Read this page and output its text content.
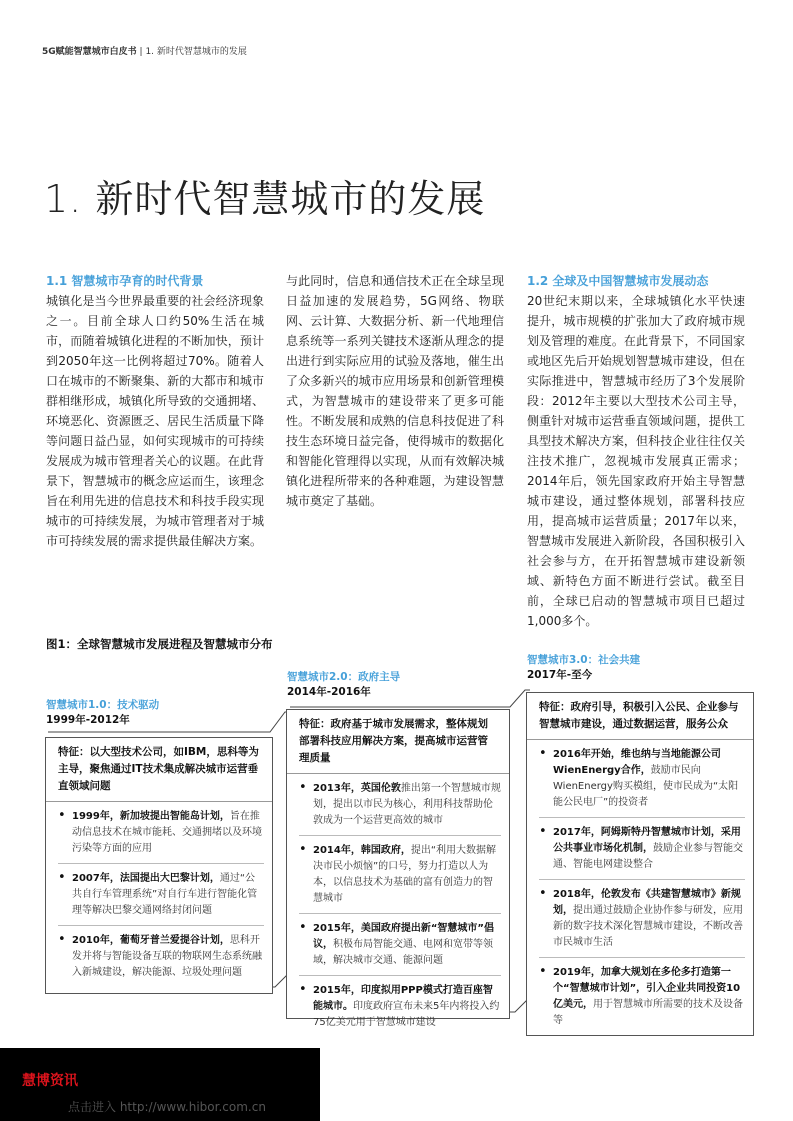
5G赋能智慧城市白皮书 | 1. 新时代智慧城市的发展
1. 新时代智慧城市的发展
1.1 智慧城市孕育的时代背景

城镇化是当今世界最重要的社会经济现象之一。目前全球人口约50%生活在城市，而随着城镇化进程的不断加快，预计到2050年这一比例将超过70%。随着人口在城市的不断聚集、新的大都市和城市群相继形成，城镇化所导致的交通拥堵、环境恶化、资源匮乏、居民生活质量下降等问题日益凸显，如何实现城市的可持续发展成为城市管理者关心的议题。在此背景下，智慧城市的概念应运而生，该理念旨在利用先进的信息技术和科技手段实现城市的可持续发展，为城市管理者对于城市可持续发展的需求提供最佳解决方案。

与此同时，信息和通信技术正在全球呈现日益加速的发展趋势，5G网络、物联网、云计算、大数据分析、新一代地理信息系统等一系列关键技术逐渐从理念的提出进行到实际应用的试验及落地，催生出了众多新兴的城市应用场景和创新管理模式，为智慧城市的建设带来了更多可能性。不断发展和成熟的信息科技促进了科技生态环境日益完备，使得城市的数据化和智能化管理得以实现，从而有效解决城镇化进程所带来的各种难题，为建设智慧城市奠定了基础。

1.2 全球及中国智慧城市发展动态

20世纪末期以来，全球城镇化水平快速提升，城市规模的扩张加大了政府城市规划及管理的难度。在此背景下，不同国家或地区先后开始规划智慧城市建设，但在实际推进中，智慧城市经历了3个发展阶段：2012年主要以大型技术公司主导，侧重针对城市运营垂直领域问题，提供工具型技术解决方案，但科技企业往往仅关注技术推广，忽视城市发展真正需求；2014年后，领先国家政府开始主导智慧城市建设，通过整体规划，部署科技应用，提高城市运营质量；2017年以来，智慧城市发展进入新阶段，各国积极引入社会参与方，在开拓智慧城市建设新领域、新特色方面不断进行尝试。截至目前，全球已启动的智慧城市项目已超过1,000多个。

图1：全球智慧城市发展进程及智慧城市分布
智慧城市1.0：技术驱动
1999年-2012年
智慧城市2.0：政府主导
2014年-2016年
智慧城市3.0：社会共建
2017年-至今
特征：以大型技术公司，如IBM，思科等为主导，聚焦通过IT技术集成解决城市运营垂直领域问题
• 1999年，新加坡提出智能岛计划，旨在推动信息技术在城市能耗、交通拥堵以及环境污染等方面的应用
• 2007年，法国提出大巴黎计划，通过“公共自行车管理系统”对自行车进行智能化管理等解决巴黎交通网络封闭问题
• 2010年，葡萄牙普兰爱提谷计划，思科开发并将与智能设备互联的物联网生态系统融入新城建设，解决能源、垃圾处理问题
特征：政府基于城市发展需求，整体规划部署科技应用解决方案，提高城市运营管理质量
• 2013年，英国伦敦推出第一个智慧城市规划，提出以市民为核心，利用科技帮助伦敦成为一个运营更高效的城市
• 2014年，韩国政府，提出“利用大数据解决市民小烦恼”的口号，努力打造以人为本，以信息技术为基础的富有创造力的智慧城市
• 2015年，美国政府提出新“智慧城市”倡议，积极布局智能交通、电网和宽带等领域，解决城市交通、能源问题
• 2015年，印度拟用PPP模式打造百座智能城市。印度政府宣布未来5年内将投入约75亿美元用于智慧城市建设
特征：政府引导，积极引入公民、企业参与智慧城市建设，通过数据运营，服务公众
• 2016年开始，维也纳与当地能源公司WienEnergy合作，鼓励市民向WienEnergy购买模组，使市民成为“太阳能公民电厂”的投资者
• 2017年，阿姆斯特丹智慧城市计划，采用公共事业市场化机制，鼓励企业参与智能交通、智能电网建设整合
• 2018年，伦敦发布《共建智慧城市》新规划，提出通过鼓励企业协作参与研发，应用新的数字技术深化智慧城市建设，不断改善市民城市生活
• 2019年，加拿大规划在多伦多打造第一个“智慧城市计划”，引入企业共同投资10亿美元，用于智慧城市所需要的技术及设备等
慧博资讯
点击进入 http://www.hibor.com.cn
